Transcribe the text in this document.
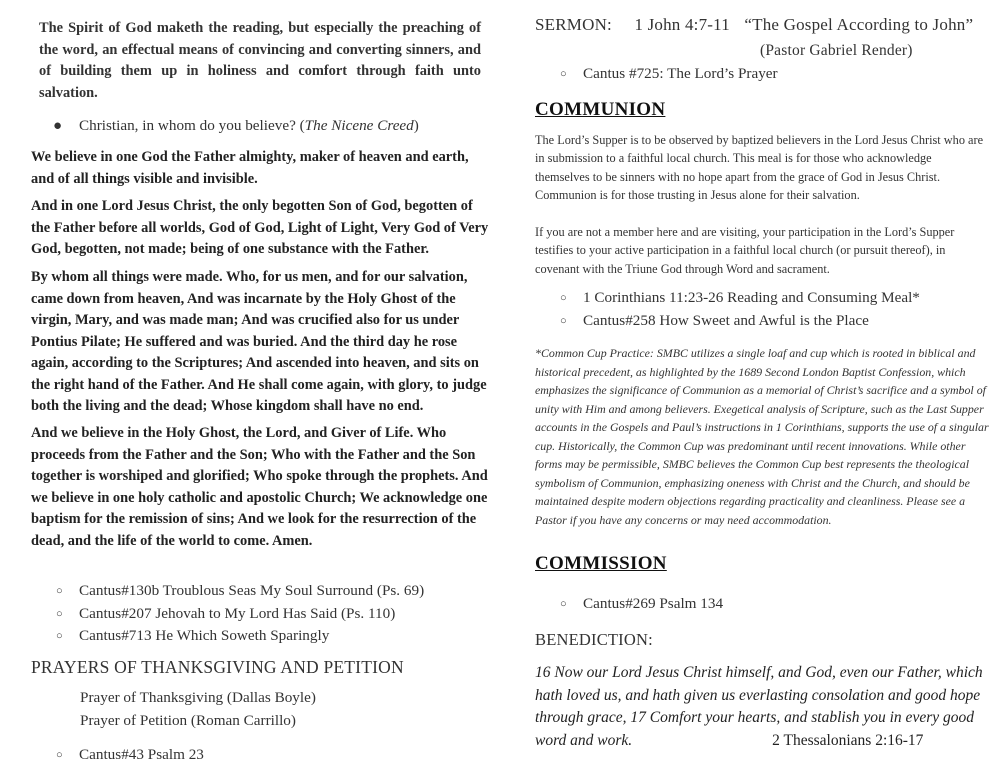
The Spirit of God maketh the reading, but especially the preaching of the word, an effectual means of convincing and converting sinners, and of building them up in holiness and comfort through faith unto salvation.

● Christian, in whom do you believe? (The Nicene Creed)

We believe in one God the Father almighty, maker of heaven and earth, and of all things visible and invisible.

And in one Lord Jesus Christ, the only begotten Son of God, begotten of the Father before all worlds, God of God, Light of Light, Very God of Very God, begotten, not made; being of one substance with the Father.

By whom all things were made. Who, for us men, and for our salvation, came down from heaven, And was incarnate by the Holy Ghost of the virgin, Mary, and was made man; And was crucified also for us under Pontius Pilate; He suffered and was buried. And the third day he rose again, according to the Scriptures; And ascended into heaven, and sits on the right hand of the Father. And He shall come again, with glory, to judge both the living and the dead; Whose kingdom shall have no end.

And we believe in the Holy Ghost, the Lord, and Giver of Life. Who proceeds from the Father and the Son; Who with the Father and the Son together is worshiped and glorified; Who spoke through the prophets. And we believe in one holy catholic and apostolic Church; We acknowledge one baptism for the remission of sins; And we look for the resurrection of the dead, and the life of the world to come. Amen.

○ Cantus#130b Troublous Seas My Soul Surround (Ps. 69)
○ Cantus#207 Jehovah to My Lord Has Said (Ps. 110)
○ Cantus#713 He Which Soweth Sparingly
PRAYERS OF THANKSGIVING AND PETITION
Prayer of Thanksgiving (Dallas Boyle)
Prayer of Petition (Roman Carrillo)
○ Cantus#43 Psalm 23
SERMON: 1 John 4:7-11 “The Gospel According to John”
(Pastor Gabriel Render)
○ Cantus #725: The Lord’s Prayer
COMMUNION

The Lord’s Supper is to be observed by baptized believers in the Lord Jesus Christ who are in submission to a faithful local church. This meal is for those who acknowledge themselves to be sinners with no hope apart from the grace of God in Jesus Christ. Communion is for those trusting in Jesus alone for their salvation.

If you are not a member here and are visiting, your participation in the Lord’s Supper testifies to your active participation in a faithful local church (or pursuit thereof), in covenant with the Triune God through Word and sacrament.

○ 1 Corinthians 11:23-26 Reading and Consuming Meal*
○ Cantus#258 How Sweet and Awful is the Place

*Common Cup Practice: SMBC utilizes a single loaf and cup which is rooted in biblical and historical precedent, as highlighted by the 1689 Second London Baptist Confession, which emphasizes the significance of Communion as a memorial of Christ’s sacrifice and a symbol of unity with Him and among believers. Exegetical analysis of Scripture, such as the Last Supper accounts in the Gospels and Paul’s instructions in 1 Corinthians, supports the use of a singular cup. Historically, the Common Cup was predominant until recent innovations. While other forms may be permissible, SMBC believes the Common Cup best represents the theological symbolism of Communion, emphasizing oneness with Christ and the Church, and should be maintained despite modern objections regarding practicality and cleanliness. Please see a Pastor if you have any concerns or may need accommodation.

COMMISSION
○ Cantus#269 Psalm 134
BENEDICTION:

16 Now our Lord Jesus Christ himself, and God, even our Father, which hath loved us, and hath given us everlasting consolation and good hope through grace, 17 Comfort your hearts, and stablish you in every good word and work.	2 Thessalonians 2:16-17
